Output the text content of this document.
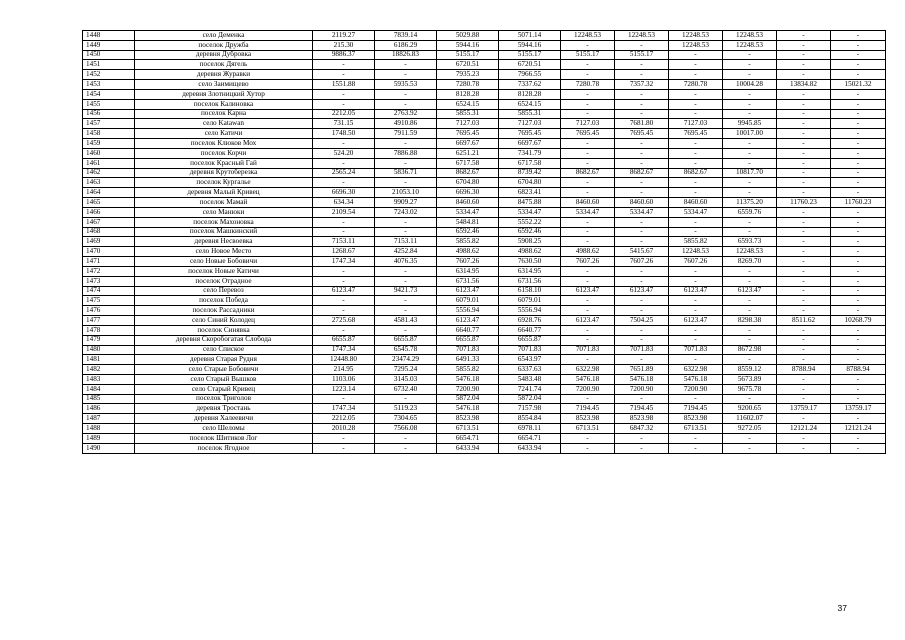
1448	село Деменка	2119.27	7839.14	5029.88	5071.14	12248.53	12248.53	12248.53	12248.53	-	-
1449	поселок Дружба	215.30	6186.29	5944.16	5944.16	-	-	12248.53	12248.53	-	-
1450	деревня Дубровка	9886.37	18826.83	5155.17	5155.17	5155.17	5155.17	-	-	-	-
1451	поселок Дягель	-	-	6720.51	6720.51	-	-	-	-	-	-
1452	деревня Журавки	-	-	7935.23	7966.55	-	-	-	-	-	-
1453	село Заимищево	1551.88	5935.53	7280.78	7337.62	7280.78	7357.32	7280.78	10004.28	13834.82	15021.32
1454	деревня Злотницкий Хутор	-	-	8128.28	8128.28	-	-	-	-	-	-
1455	поселок Калиновка	-	-	6524.15	6524.15	-	-	-	-	-	-
1456	поселок Карна	2212.05	2763.92	5855.31	5855.31	-	-	-	-	-	-
1457	село Katawan	731.15	4910.86	7127.03	7127.03	7127.03	7681.80	7127.03	9945.85	-	-
1458	село Катичи	1748.50	7911.59	7695.45	7695.45	7695.45	7695.45	7695.45	10017.00	-	-
1459	поселок Клюков Мох	-	-	6697.67	6697.67	-	-	-	-	-	-
1460	поселок Корчи	524.20	7886.88	6251.21	7341.79	-	-	-	-	-	-
1461	поселок Красный Гай	-	-	6717.58	6717.58	-	-	-	-	-	-
1462	деревня Крутоберезка	2565.24	5836.71	8682.67	8739.42	8682.67	8682.67	8682.67	10817.70	-	-
1463	поселок Кургалье	-	-	6704.80	6704.80	-	-	-	-	-	-
1464	деревня Малый Кривец	6696.30	21053.10	6696.30	6823.41	-	-	-	-	-	-
1465	поселок Мамай	634.34	9909.27	8460.60	8475.88	8460.60	8460.60	8460.60	11375.20	11760.23	11760.23
1466	село Манюки	2109.54	7243.02	5334.47	5334.47	5334.47	5334.47	5334.47	6559.76	-	-
1467	поселок Махоновка	-	-	5484.81	5552.22	-	-	-	-	-	-
1468	поселок Машкинский	-	-	6592.46	6592.46	-	-	-	-	-	-
1469	деревня Несвоевка	7153.11	7153.11	5855.82	5908.25	-	-	5855.82	6593.73	-	-
1470	село Новое Место	1268.67	4252.84	4988.62	4988.62	4988.62	5415.67	12248.53	12248.53	-	-
1471	село Новые Бобовичи	1747.34	4076.35	7607.26	7630.50	7607.26	7607.26	7607.26	8269.70	-	-
1472	поселок Новые Катичи	-	-	6314.95	6314.95	-	-	-	-	-	-
1473	поселок Отрадное	-	-	6731.56	6731.56	-	-	-	-	-	-
1474	село Перевоз	6123.47	9421.73	6123.47	6158.10	6123.47	6123.47	6123.47	6123.47	-	-
1475	поселок Победа	-	-	6079.01	6079.01	-	-	-	-	-	-
1476	поселок Рассадники	-	-	5556.94	5556.94	-	-	-	-	-	-
1477	село Синий Колодец	2725.68	4581.43	6123.47	6928.76	6123.47	7504.25	6123.47	8298.38	8511.62	10268.79
1478	поселок Синявка	-	-	6640.77	6640.77	-	-	-	-	-	-
1479	деревня Скоробогатая Слобода	6655.87	6655.87	6655.87	6655.87	-	-	-	-	-	-
1480	село Спиское	1747.34	6545.78	7071.83	7071.83	7071.83	7071.83	7071.83	8672.98	-	-
1481	деревня Старая Рудня	12448.80	23474.29	6491.33	6543.97	-	-	-	-	-	-
1482	село Старые Бобовичи	214.95	7295.24	5855.82	6337.63	6322.98	7651.89	6322.98	8559.12	8788.94	8788.94
1483	село Старый Вышков	1103.06	3145.03	5476.18	5483.48	5476.18	5476.18	5476.18	5673.89	-	-
1484	село Старый Кривец	1223.14	6732.40	7200.90	7241.74	7200.90	7200.90	7200.90	9675.78	-	-
1485	поселок Триголов	-	-	5872.04	5872.04	-	-	-	-	-	-
1486	деревня Тростань	1747.34	5119.23	5476.18	7157.98	7194.45	7194.45	7194.45	9200.65	13759.17	13759.17
1487	деревня Халеевичи	2212.05	7304.65	8523.98	8554.84	8523.98	8523.98	8523.98	11602.07	-	-
1488	село Шеломы	2010.28	7566.08	6713.51	6978.11	6713.51	6847.32	6713.51	9272.05	12121.24	12121.24
1489	поселок Шитиков Лог	-	-	6654.71	6654.71	-	-	-	-	-	-
1490	поселок Ягодное	-	-	6433.94	6433.94	-	-	-	-	-	-
37
